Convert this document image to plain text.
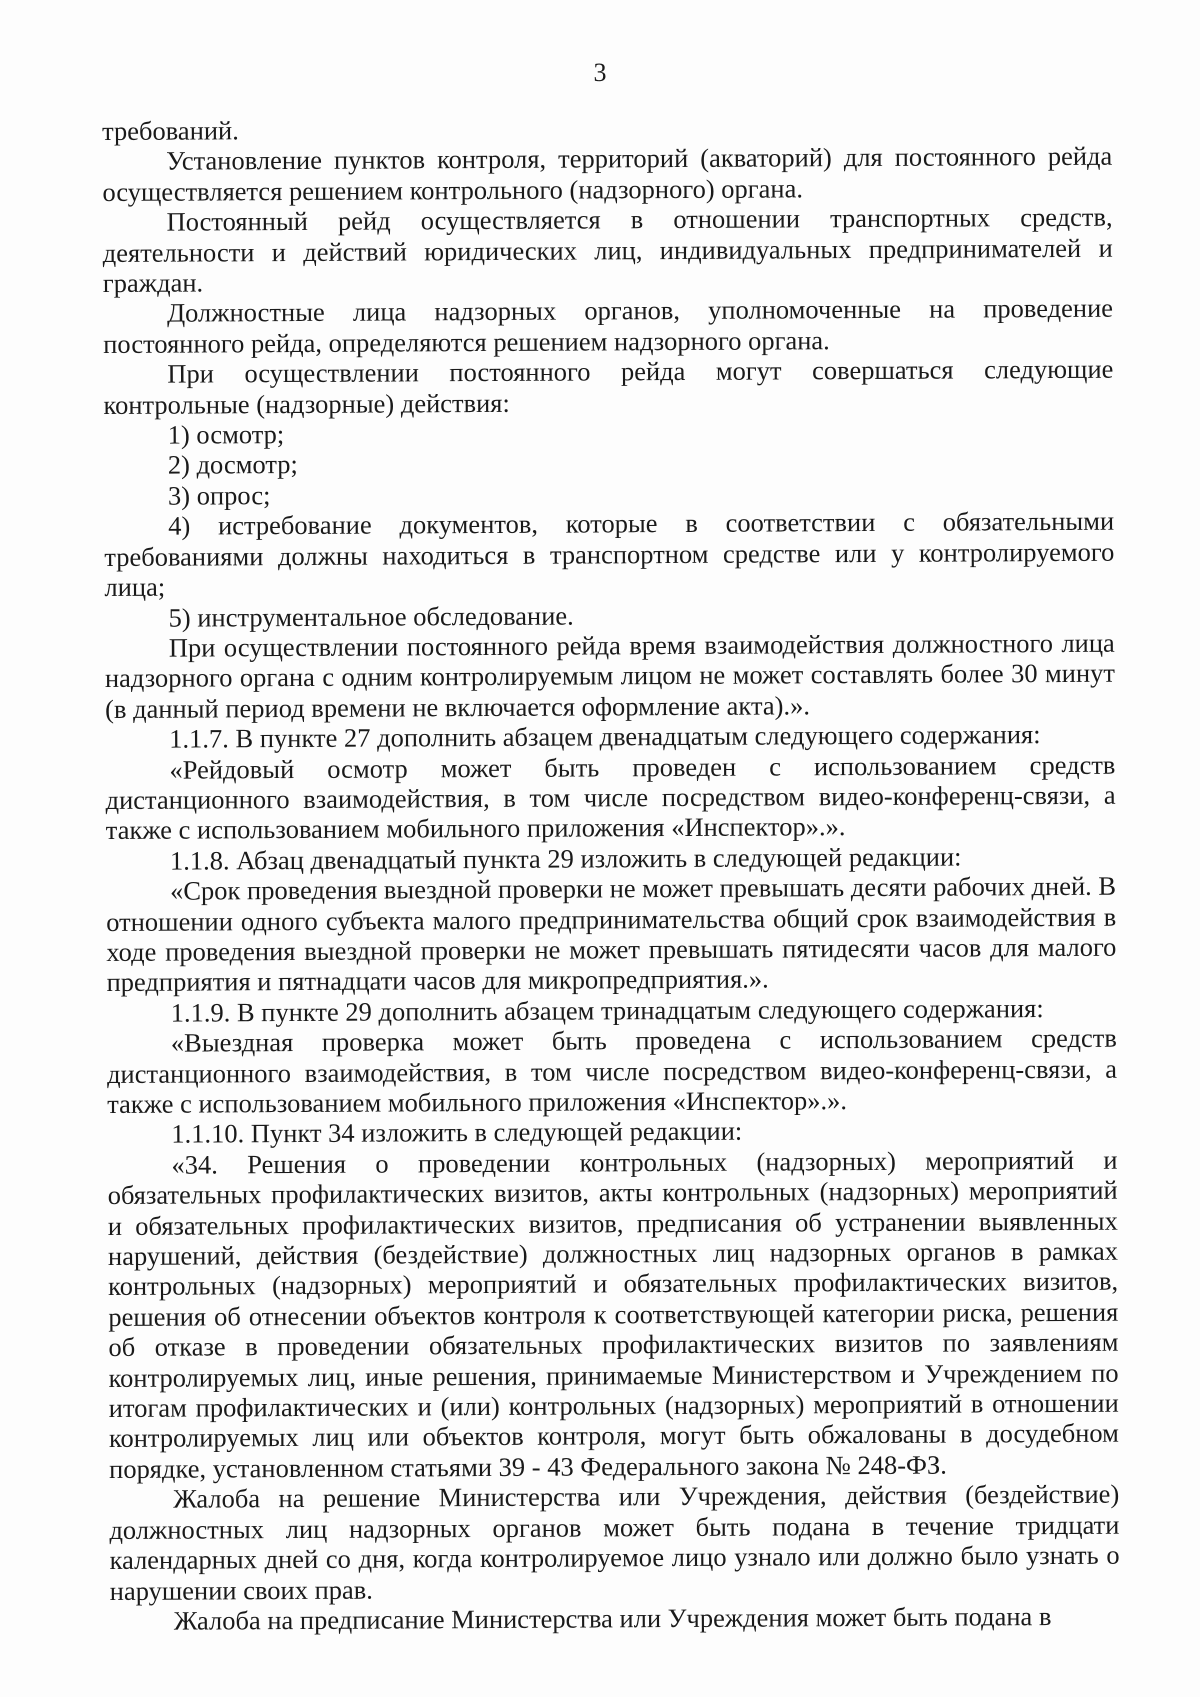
3

требований.

Установление пунктов контроля, территорий (акваторий) для постоянного рейда осуществляется решением контрольного (надзорного) органа.

Постоянный рейд осуществляется в отношении транспортных средств, деятельности и действий юридических лиц, индивидуальных предпринимателей и граждан.

Должностные лица надзорных органов, уполномоченные на проведение постоянного рейда, определяются решением надзорного органа.

При осуществлении постоянного рейда могут совершаться следующие контрольные (надзорные) действия:

1) осмотр;

2) досмотр;

3) опрос;

4) истребование документов, которые в соответствии с обязательными требованиями должны находиться в транспортном средстве или у контролируемого лица;

5) инструментальное обследование.

При осуществлении постоянного рейда время взаимодействия должностного лица надзорного органа с одним контролируемым лицом не может составлять более 30 минут (в данный период времени не включается оформление акта).».

1.1.7. В пункте 27 дополнить абзацем двенадцатым следующего содержания:

«Рейдовый осмотр может быть проведен с использованием средств дистанционного взаимодействия, в том числе посредством видео-конференц-связи, а также с использованием мобильного приложения «Инспектор».».

1.1.8. Абзац двенадцатый пункта 29 изложить в следующей редакции:

«Срок проведения выездной проверки не может превышать десяти рабочих дней. В отношении одного субъекта малого предпринимательства общий срок взаимодействия в ходе проведения выездной проверки не может превышать пятидесяти часов для малого предприятия и пятнадцати часов для микропредприятия.».

1.1.9. В пункте 29 дополнить абзацем тринадцатым следующего содержания:

«Выездная проверка может быть проведена с использованием средств дистанционного взаимодействия, в том числе посредством видео-конференц-связи, а также с использованием мобильного приложения «Инспектор».».

1.1.10. Пункт 34 изложить в следующей редакции:

«34. Решения о проведении контрольных (надзорных) мероприятий и обязательных профилактических визитов, акты контрольных (надзорных) мероприятий и обязательных профилактических визитов, предписания об устранении выявленных нарушений, действия (бездействие) должностных лиц надзорных органов в рамках контрольных (надзорных) мероприятий и обязательных профилактических визитов, решения об отнесении объектов контроля к соответствующей категории риска, решения об отказе в проведении обязательных профилактических визитов по заявлениям контролируемых лиц, иные решения, принимаемые Министерством и Учреждением по итогам профилактических и (или) контрольных (надзорных) мероприятий в отношении контролируемых лиц или объектов контроля, могут быть обжалованы в досудебном порядке, установленном статьями 39 - 43 Федерального закона № 248-ФЗ.

Жалоба на решение Министерства или Учреждения, действия (бездействие) должностных лиц надзорных органов может быть подана в течение тридцати календарных дней со дня, когда контролируемое лицо узнало или должно было узнать о нарушении своих прав.

Жалоба на предписание Министерства или Учреждения может быть подана в
